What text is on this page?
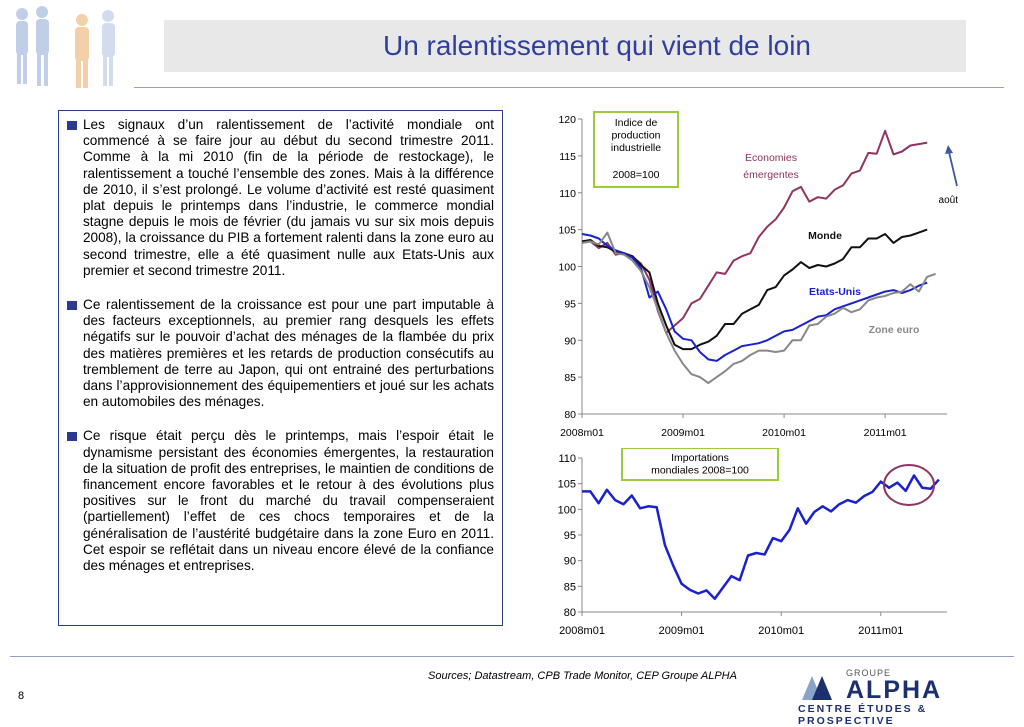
Un ralentissement qui vient de loin

Les signaux d’un ralentissement de l’activité mondiale ont commencé à se faire jour au début du second trimestre 2011. Comme à la mi 2010 (fin de la période de restockage), le ralentissement a touché l’ensemble des zones. Mais à la différence de 2010, il s’est prolongé. Le volume d’activité est resté quasiment plat depuis le printemps dans l’industrie, le commerce mondial stagne depuis le mois de février (du jamais vu sur six mois depuis 2008), la croissance du PIB a fortement ralenti dans la zone euro au second trimestre, elle a été quasiment nulle aux Etats-Unis aux premier et second trimestre 2011.

Ce ralentissement de la croissance est pour une part imputable à des facteurs exceptionnels, au premier rang desquels les effets négatifs sur le pouvoir d’achat des ménages de la flambée du prix des matières premières et les retards de production consécutifs au tremblement de terre au Japon, qui ont entrainé des perturbations dans l’approvisionnement des équipementiers et joué sur les achats en automobiles des ménages.

Ce risque était perçu dès le printemps, mais l’espoir était le dynamisme persistant des économies émergentes, la restauration de la situation de profit des entreprises, le maintien de conditions de financement encore favorables et le retour à des évolutions plus positives sur le front du marché du travail compenseraient (partiellement) l’effet de ces chocs temporaires et de la généralisation de l’austérité budgétaire dans la zone Euro en 2011. Cet espoir se reflétait dans un niveau encore élevé de la confiance des ménages et entreprises.

Indice de production industrielle
2008=100
80
85
90
95
100
105
110
115
120
2008m01	2009m01	2010m01	2011m01
Economies
émergentes
Monde
Etats-Unis
Zone euro
août
Importations mondiales 2008=100
80
85
90
95
100
105
110
2008m01	2009m01	2010m01	2011m01
Sources; Datastream, CPB Trade Monitor, CEP Groupe ALPHA
8
GROUPE
ALPHA
CENTRE ÉTUDES & PROSPECTIVE
